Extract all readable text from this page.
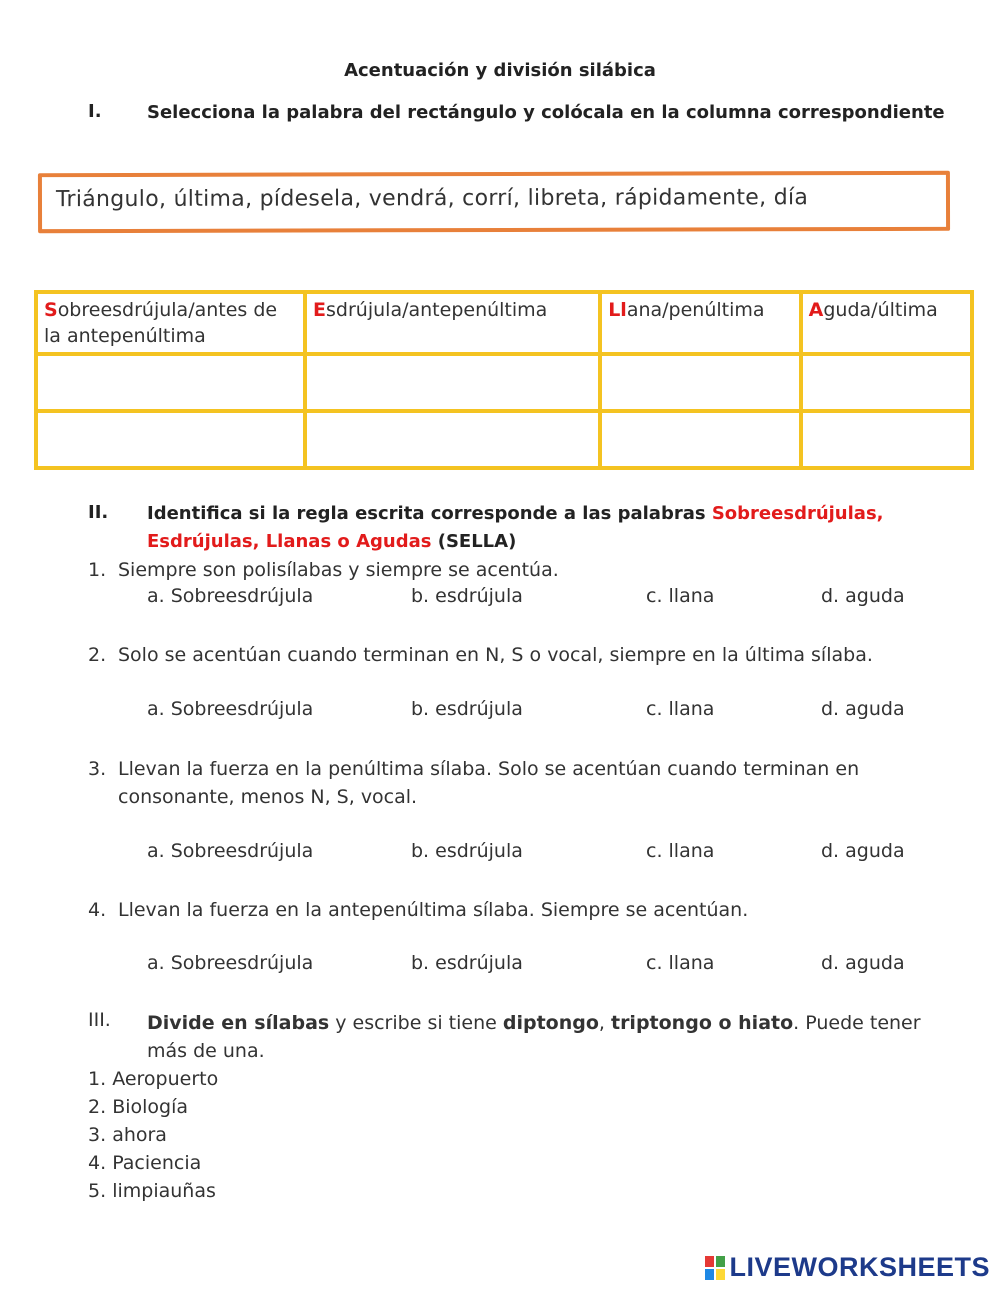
Acentuación y división silábica
I.	Selecciona la palabra del rectángulo y colócala en la columna correspondiente
Triángulo, última, pídesela, vendrá, corrí, libreta, rápidamente, día
Sobreesdrújula/antes de la antepenúltima	Esdrújula/antepenúltima	Llana/penúltima	Aguda/última

II. Identifica si la regla escrita corresponde a las palabras Sobreesdrújulas, Esdrújulas, Llanas o Agudas (SELLA)
1. Siempre son polisílabas y siempre se acentúa.
a. Sobreesdrújula	b. esdrújula	c. llana	d. aguda
2. Solo se acentúan cuando terminan en N, S o vocal, siempre en la última sílaba.
a. Sobreesdrújula	b. esdrújula	c. llana	d. aguda
3. Llevan la fuerza en la penúltima sílaba. Solo se acentúan cuando terminan en consonante, menos N, S, vocal.
a. Sobreesdrújula	b. esdrújula	c. llana	d. aguda
4. Llevan la fuerza en la antepenúltima sílaba. Siempre se acentúan.
a. Sobreesdrújula	b. esdrújula	c. llana	d. aguda
III. Divide en sílabas y escribe si tiene diptongo, triptongo o hiato. Puede tener más de una.
1. Aeropuerto
2. Biología
3. ahora
4. Paciencia
5. limpiauñas
LIVEWORKSHEETS
